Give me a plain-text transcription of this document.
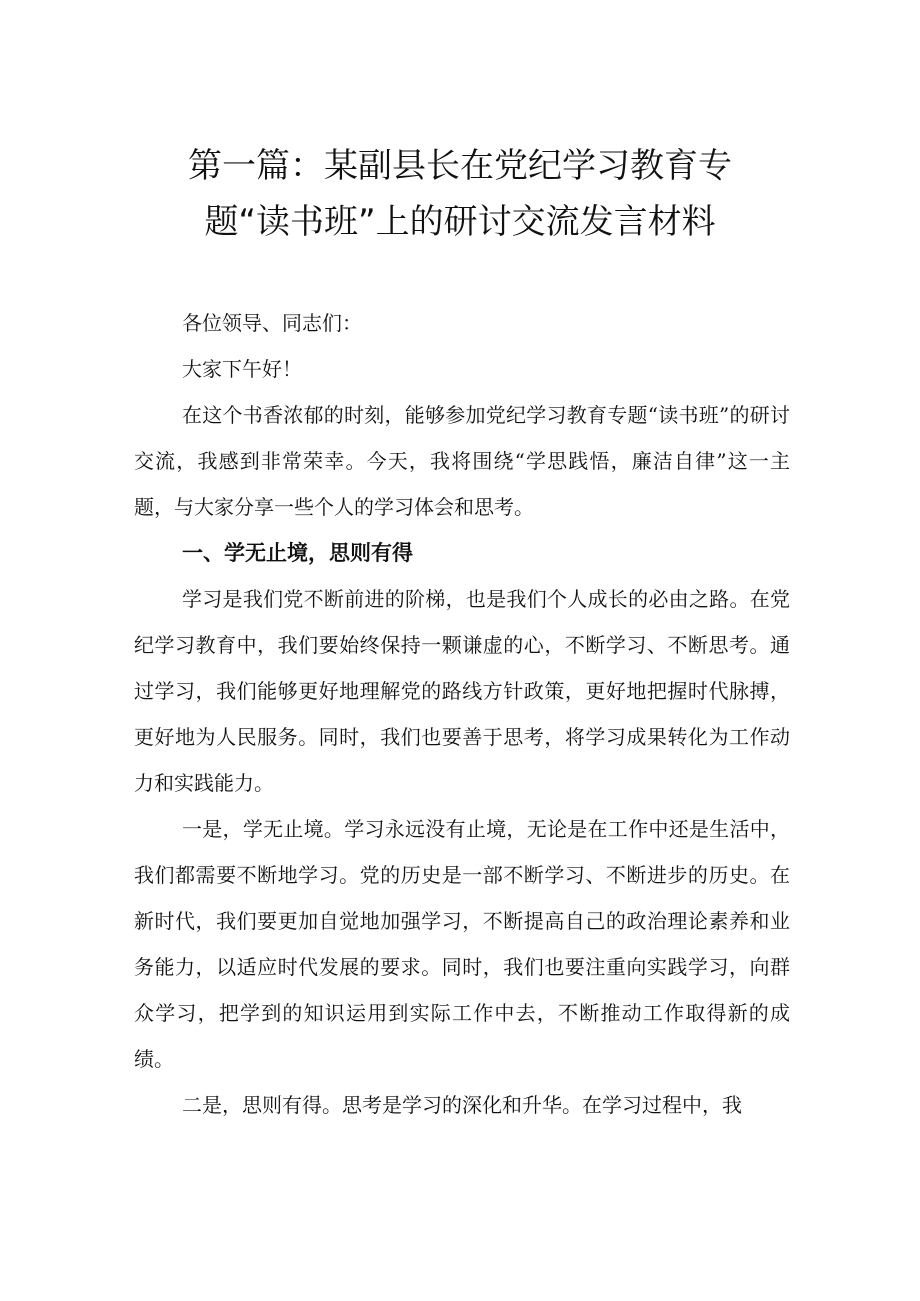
第一篇：某副县长在党纪学习教育专
题“读书班”上的研讨交流发言材料

各位领导、同志们：

大家下午好！

在这个书香浓郁的时刻，能够参加党纪学习教育专题“读书班”的研讨交流，我感到非常荣幸。今天，我将围绕“学思践悟，廉洁自律”这一主题，与大家分享一些个人的学习体会和思考。

一、学无止境，思则有得

学习是我们党不断前进的阶梯，也是我们个人成长的必由之路。在党纪学习教育中，我们要始终保持一颗谦虚的心，不断学习、不断思考。通过学习，我们能够更好地理解党的路线方针政策，更好地把握时代脉搏，更好地为人民服务。同时，我们也要善于思考，将学习成果转化为工作动力和实践能力。

一是，学无止境。学习永远没有止境，无论是在工作中还是生活中，我们都需要不断地学习。党的历史是一部不断学习、不断进步的历史。在新时代，我们要更加自觉地加强学习，不断提高自己的政治理论素养和业务能力，以适应时代发展的要求。同时，我们也要注重向实践学习，向群众学习，把学到的知识运用到实际工作中去，不断推动工作取得新的成绩。

二是，思则有得。思考是学习的深化和升华。在学习过程中，我
